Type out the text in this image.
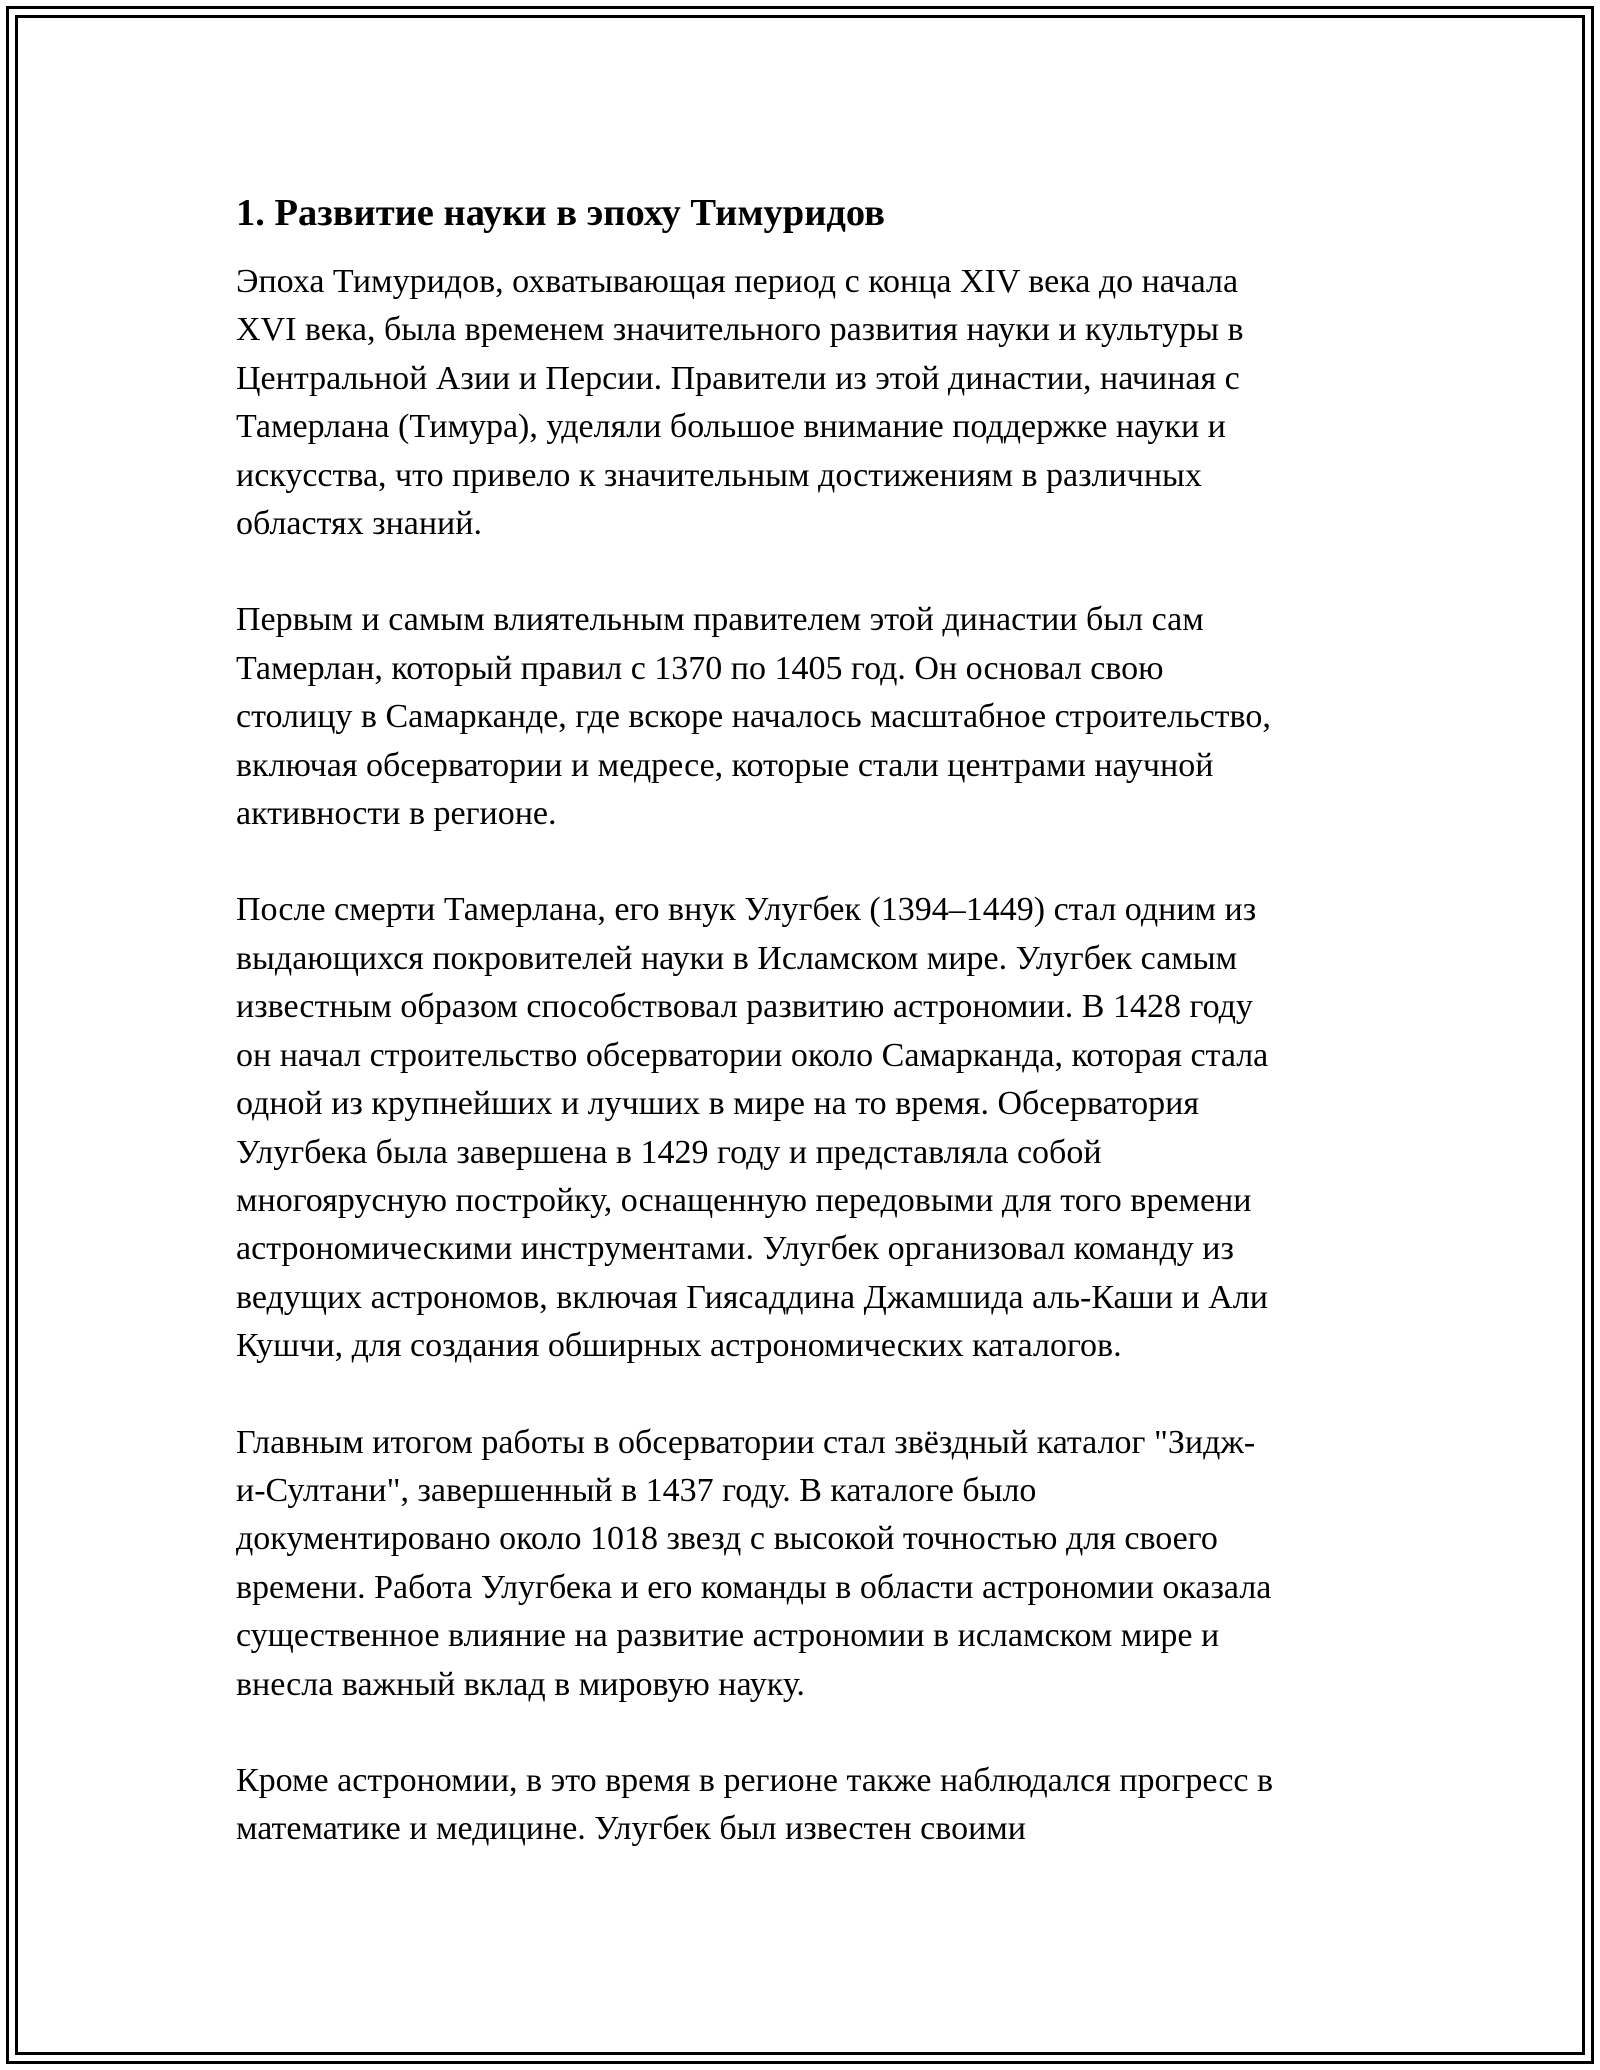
1. Развитие науки в эпоху Тимуридов

Эпоха Тимуридов, охватывающая период с конца XIV века до начала
XVI века, была временем значительного развития науки и культуры в
Центральной Азии и Персии. Правители из этой династии, начиная с
Тамерлана (Тимура), уделяли большое внимание поддержке науки и
искусства, что привело к значительным достижениям в различных
областях знаний.

Первым и самым влиятельным правителем этой династии был сам
Тамерлан, который правил с 1370 по 1405 год. Он основал свою
столицу в Самарканде, где вскоре началось масштабное строительство,
включая обсерватории и медресе, которые стали центрами научной
активности в регионе.

После смерти Тамерлана, его внук Улугбек (1394–1449) стал одним из
выдающихся покровителей науки в Исламском мире. Улугбек самым
известным образом способствовал развитию астрономии. В 1428 году
он начал строительство обсерватории около Самарканда, которая стала
одной из крупнейших и лучших в мире на то время. Обсерватория
Улугбека была завершена в 1429 году и представляла собой
многоярусную постройку, оснащенную передовыми для того времени
астрономическими инструментами. Улугбек организовал команду из
ведущих астрономов, включая Гиясаддина Джамшида аль-Каши и Али
Кушчи, для создания обширных астрономических каталогов.

Главным итогом работы в обсерватории стал звёздный каталог "Зидж-
и-Султани", завершенный в 1437 году. В каталоге было
документировано около 1018 звезд с высокой точностью для своего
времени. Работа Улугбека и его команды в области астрономии оказала
существенное влияние на развитие астрономии в исламском мире и
внесла важный вклад в мировую науку.

Кроме астрономии, в это время в регионе также наблюдался прогресс в
математике и медицине. Улугбек был известен своими
